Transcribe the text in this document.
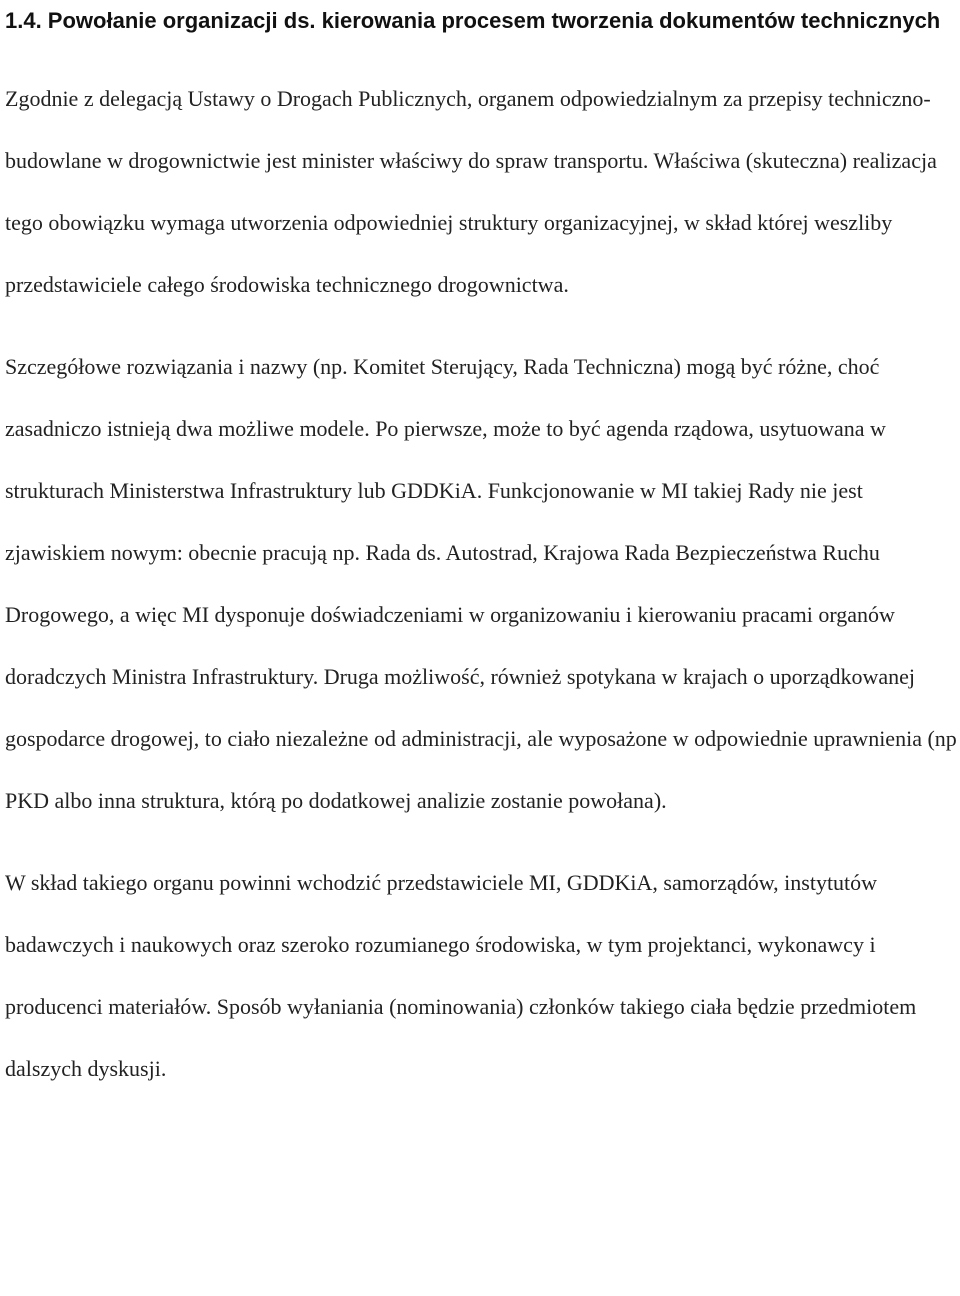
1.4. Powołanie organizacji ds. kierowania procesem tworzenia dokumentów technicznych

Zgodnie z delegacją Ustawy o Drogach Publicznych, organem odpowiedzialnym za przepisy techniczno-budowlane w drogownictwie jest minister właściwy do spraw transportu. Właściwa (skuteczna) realizacja tego obowiązku wymaga utworzenia odpowiedniej struktury organizacyjnej, w skład której weszliby przedstawiciele całego środowiska technicznego drogownictwa.

Szczegółowe rozwiązania i nazwy (np. Komitet Sterujący, Rada Techniczna) mogą być różne, choć zasadniczo istnieją dwa możliwe modele. Po pierwsze, może to być agenda rządowa, usytuowana w strukturach Ministerstwa Infrastruktury lub GDDKiA. Funkcjonowanie w MI takiej Rady nie jest zjawiskiem nowym: obecnie pracują np. Rada ds. Autostrad, Krajowa Rada Bezpieczeństwa Ruchu Drogowego, a więc MI dysponuje doświadczeniami w organizowaniu i kierowaniu pracami organów doradczych Ministra Infrastruktury. Druga możliwość, również spotykana w krajach o uporządkowanej gospodarce drogowej, to ciało niezależne od administracji, ale wyposażone w odpowiednie uprawnienia (np PKD albo inna struktura, którą po dodatkowej analizie zostanie powołana).

W skład takiego organu powinni wchodzić przedstawiciele MI, GDDKiA, samorządów, instytutów badawczych i naukowych oraz szeroko rozumianego środowiska, w tym projektanci, wykonawcy i producenci materiałów. Sposób wyłaniania (nominowania) członków takiego ciała będzie przedmiotem dalszych dyskusji.
